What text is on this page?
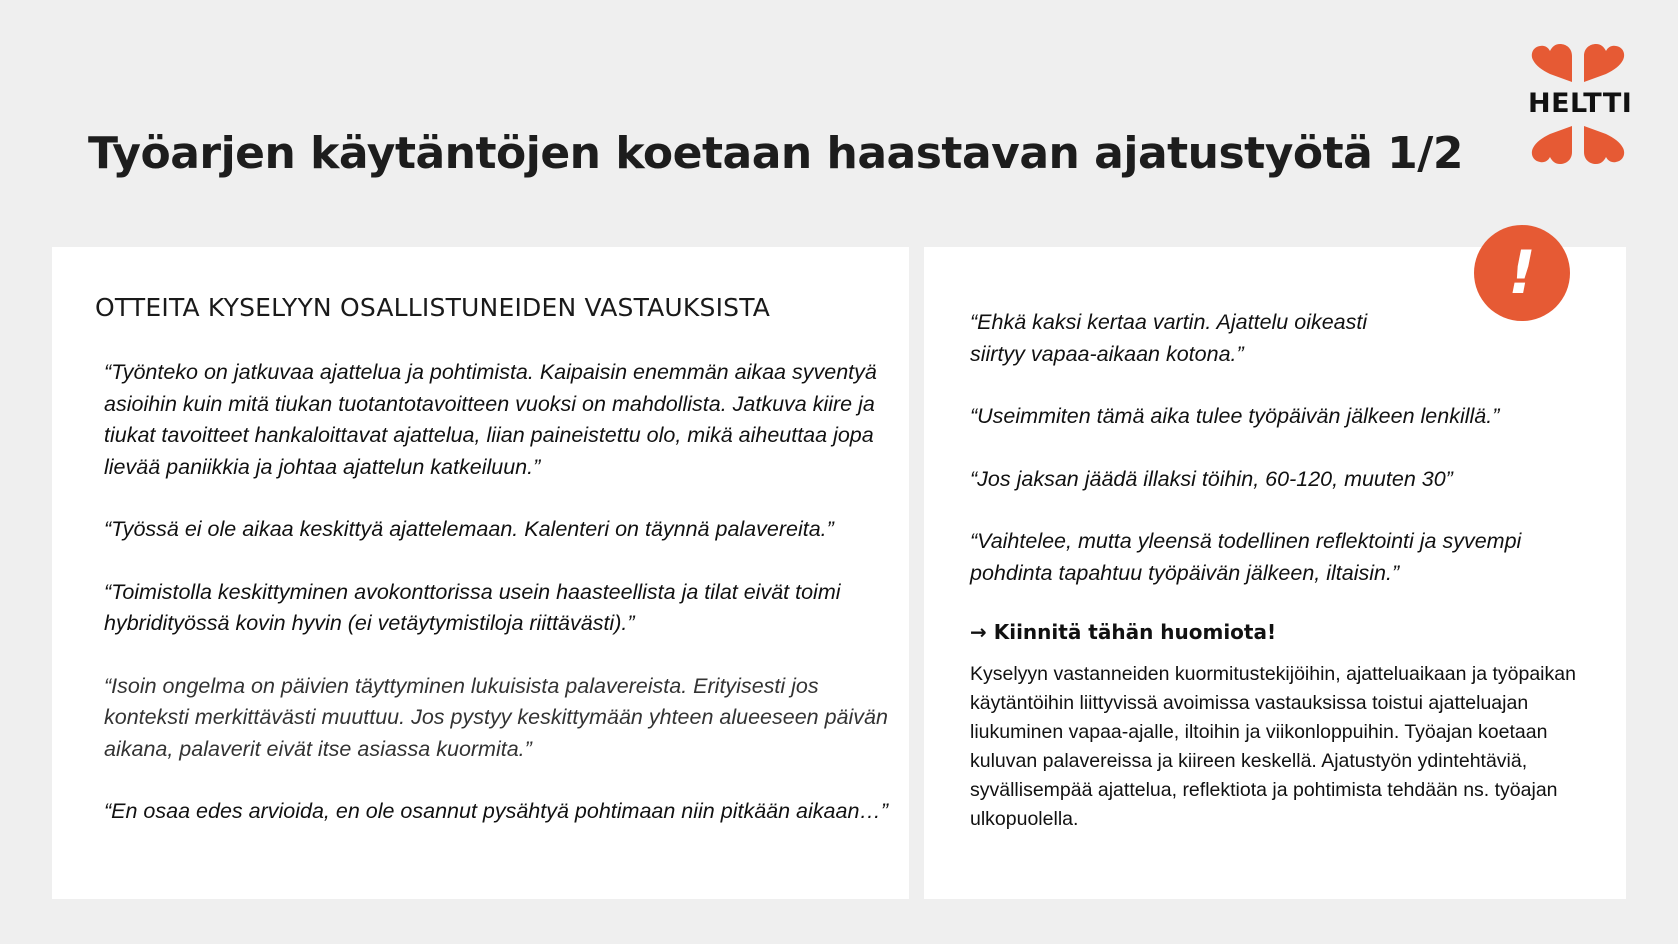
Työarjen käytäntöjen koetaan haastavan ajatustyötä 1/2
HELTTI
OTTEITA KYSELYYN OSALLISTUNEIDEN VASTAUKSISTA

“Työnteko on jatkuvaa ajattelua ja pohtimista. Kaipaisin enemmän aikaa syventyä asioihin kuin mitä tiukan tuotantotavoitteen vuoksi on mahdollista. Jatkuva kiire ja tiukat tavoitteet hankaloittavat ajattelua, liian paineistettu olo, mikä aiheuttaa jopa lievää paniikkia ja johtaa ajattelun katkeiluun.”

“Työssä ei ole aikaa keskittyä ajattelemaan. Kalenteri on täynnä palavereita.”

“Toimistolla keskittyminen avokonttorissa usein haasteellista ja tilat eivät toimi hybridityössä kovin hyvin (ei vetäytymistiloja riittävästi).”

“Isoin ongelma on päivien täyttyminen lukuisista palavereista. Erityisesti jos konteksti merkittävästi muuttuu. Jos pystyy keskittymään yhteen alueeseen päivän aikana, palaverit eivät itse asiassa kuormita.”

“En osaa edes arvioida, en ole osannut pysähtyä pohtimaan niin pitkään aikaan…”

“Ehkä kaksi kertaa vartin. Ajattelu oikeasti siirtyy vapaa-aikaan kotona.”

“Useimmiten tämä aika tulee työpäivän jälkeen lenkillä.”

“Jos jaksan jäädä illaksi töihin, 60-120, muuten 30”

“Vaihtelee, mutta yleensä todellinen reflektointi ja syvempi pohdinta tapahtuu työpäivän jälkeen, iltaisin.”

→ Kiinnitä tähän huomiota!

Kyselyyn vastanneiden kuormitustekijöihin, ajatteluaikaan ja työpaikan käytäntöihin liittyvissä avoimissa vastauksissa toistui ajatteluajan liukuminen vapaa-ajalle, iltoihin ja viikonloppuihin. Työajan koetaan kuluvan palavereissa ja kiireen keskellä. Ajatustyön ydintehtäviä, syvällisempää ajattelua, reflektiota ja pohtimista tehdään ns. työajan ulkopuolella.

!
